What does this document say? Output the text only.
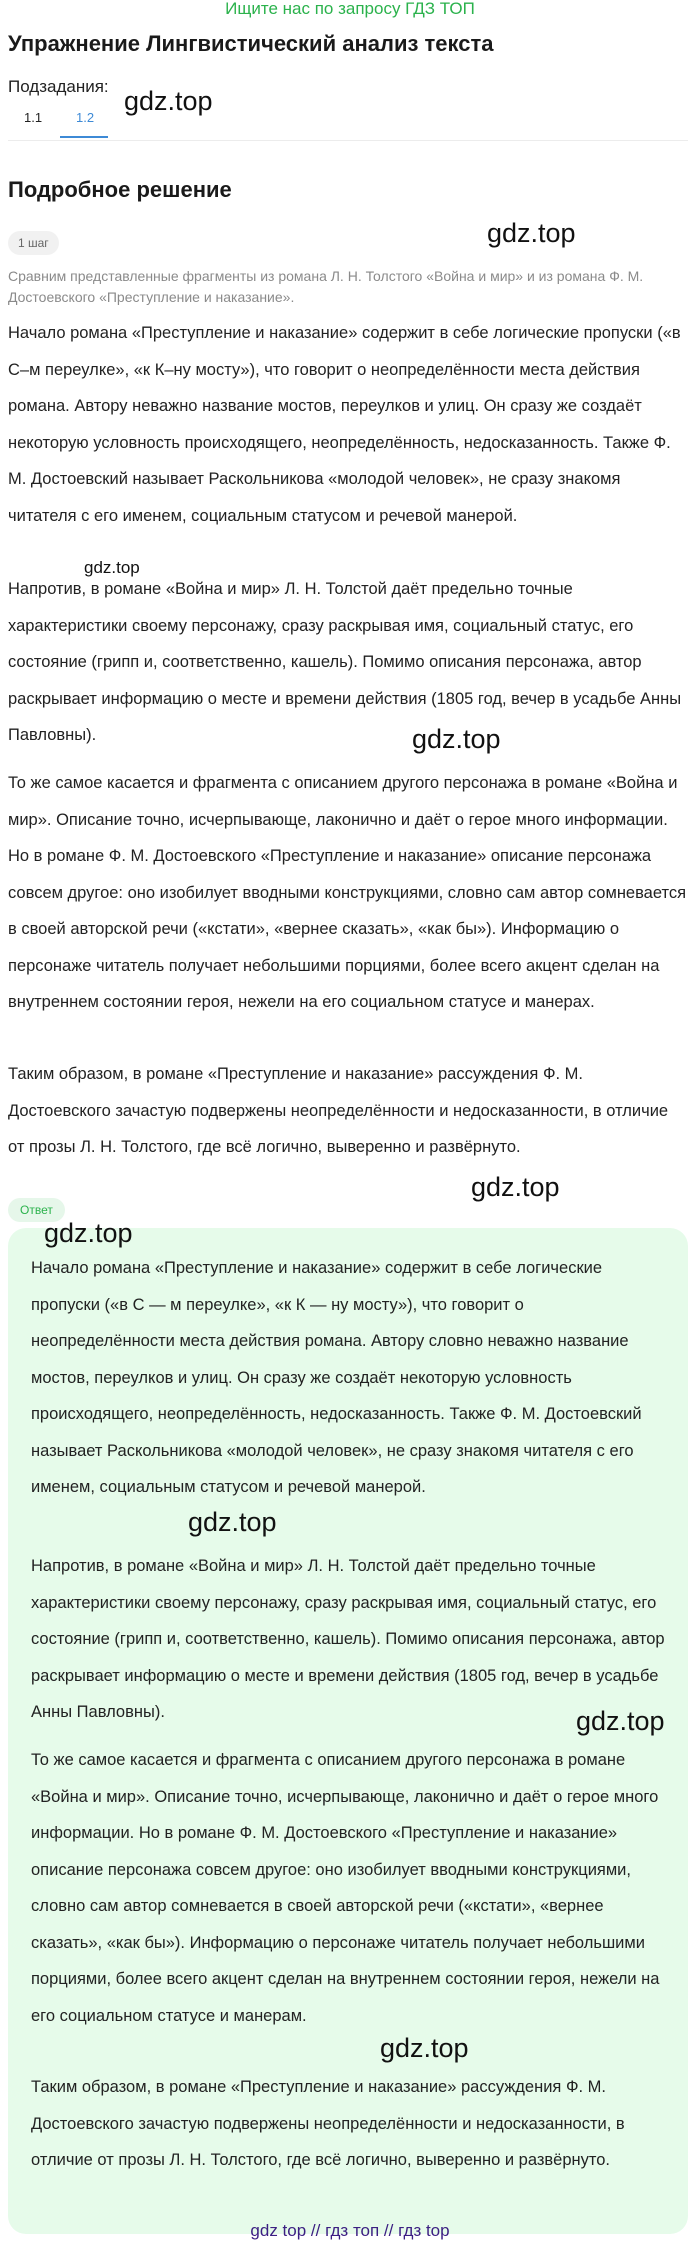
Ищите нас по запросу ГДЗ ТОП
Упражнение Лингвистический анализ текста
Подзадания:
1.1	1.2
gdz.top
Подробное решение
1 шаг	gdz.top

Сравним представленные фрагменты из романа Л. Н. Толстого «Война и мир» и из романа Ф. М. Достоевского «Преступление и наказание».

Начало романа «Преступление и наказание» содержит в себе логические пропуски («в С–м переулке», «к К–ну мосту»), что говорит о неопределённости места действия романа. Автору неважно название мостов, переулков и улиц. Он сразу же создаёт некоторую условность происходящего, неопределённость, недосказанность. Также Ф. М. Достоевский называет Раскольникова «молодой человек», не сразу знакомя читателя с его именем, социальным статусом и речевой манерой.

gdz.top

Напротив, в романе «Война и мир» Л. Н. Толстой даёт предельно точные характеристики своему персонажу, сразу раскрывая имя, социальный статус, его состояние (грипп и, соответственно, кашель). Помимо описания персонажа, автор раскрывает информацию о месте и времени действия (1805 год, вечер в усадьбе Анны Павловны).	gdz.top

То же самое касается и фрагмента с описанием другого персонажа в романе «Война и мир». Описание точно, исчерпывающе, лаконично и даёт о герое много информации. Но в романе Ф. М. Достоевского «Преступление и наказание» описание персонажа совсем другое: оно изобилует вводными конструкциями, словно сам автор сомневается в своей авторской речи («кстати», «вернее сказать», «как бы»). Информацию о персонаже читатель получает небольшими порциями, более всего акцент сделан на внутреннем состоянии героя, нежели на его социальном статусе и манерах.

Таким образом, в романе «Преступление и наказание» рассуждения Ф. М. Достоевского зачастую подвержены неопределённости и недосказанности, в отличие от прозы Л. Н. Толстого, где всё логично, выверенно и развёрнуто.

gdz.top
Ответ
gdz.top

Начало романа «Преступление и наказание» содержит в себе логические пропуски («в С — м переулке», «к К — ну мосту»), что говорит о неопределённости места действия романа. Автору словно неважно название мостов, переулков и улиц. Он сразу же создаёт некоторую условность происходящего, неопределённость, недосказанность. Также Ф. М. Достоевский называет Раскольникова «молодой человек», не сразу знакомя читателя с его именем, социальным статусом и речевой манерой.

gdz.top

Напротив, в романе «Война и мир» Л. Н. Толстой даёт предельно точные характеристики своему персонажу, сразу раскрывая имя, социальный статус, его состояние (грипп и, соответственно, кашель). Помимо описания персонажа, автор раскрывает информацию о месте и времени действия (1805 год, вечер в усадьбе Анны Павловны).	gdz.top

То же самое касается и фрагмента с описанием другого персонажа в романе «Война и мир». Описание точно, исчерпывающе, лаконично и даёт о герое много информации. Но в романе Ф. М. Достоевского «Преступление и наказание» описание персонажа совсем другое: оно изобилует вводными конструкциями, словно сам автор сомневается в своей авторской речи («кстати», «вернее сказать», «как бы»). Информацию о персонаже читатель получает небольшими порциями, более всего акцент сделан на внутреннем состоянии героя, нежели на его социальном статусе и манерам.

gdz.top

Таким образом, в романе «Преступление и наказание» рассуждения Ф. М. Достоевского зачастую подвержены неопределённости и недосказанности, в отличие от прозы Л. Н. Толстого, где всё логично, выверенно и развёрнуто.

gdz top // гдз топ // гдз top
